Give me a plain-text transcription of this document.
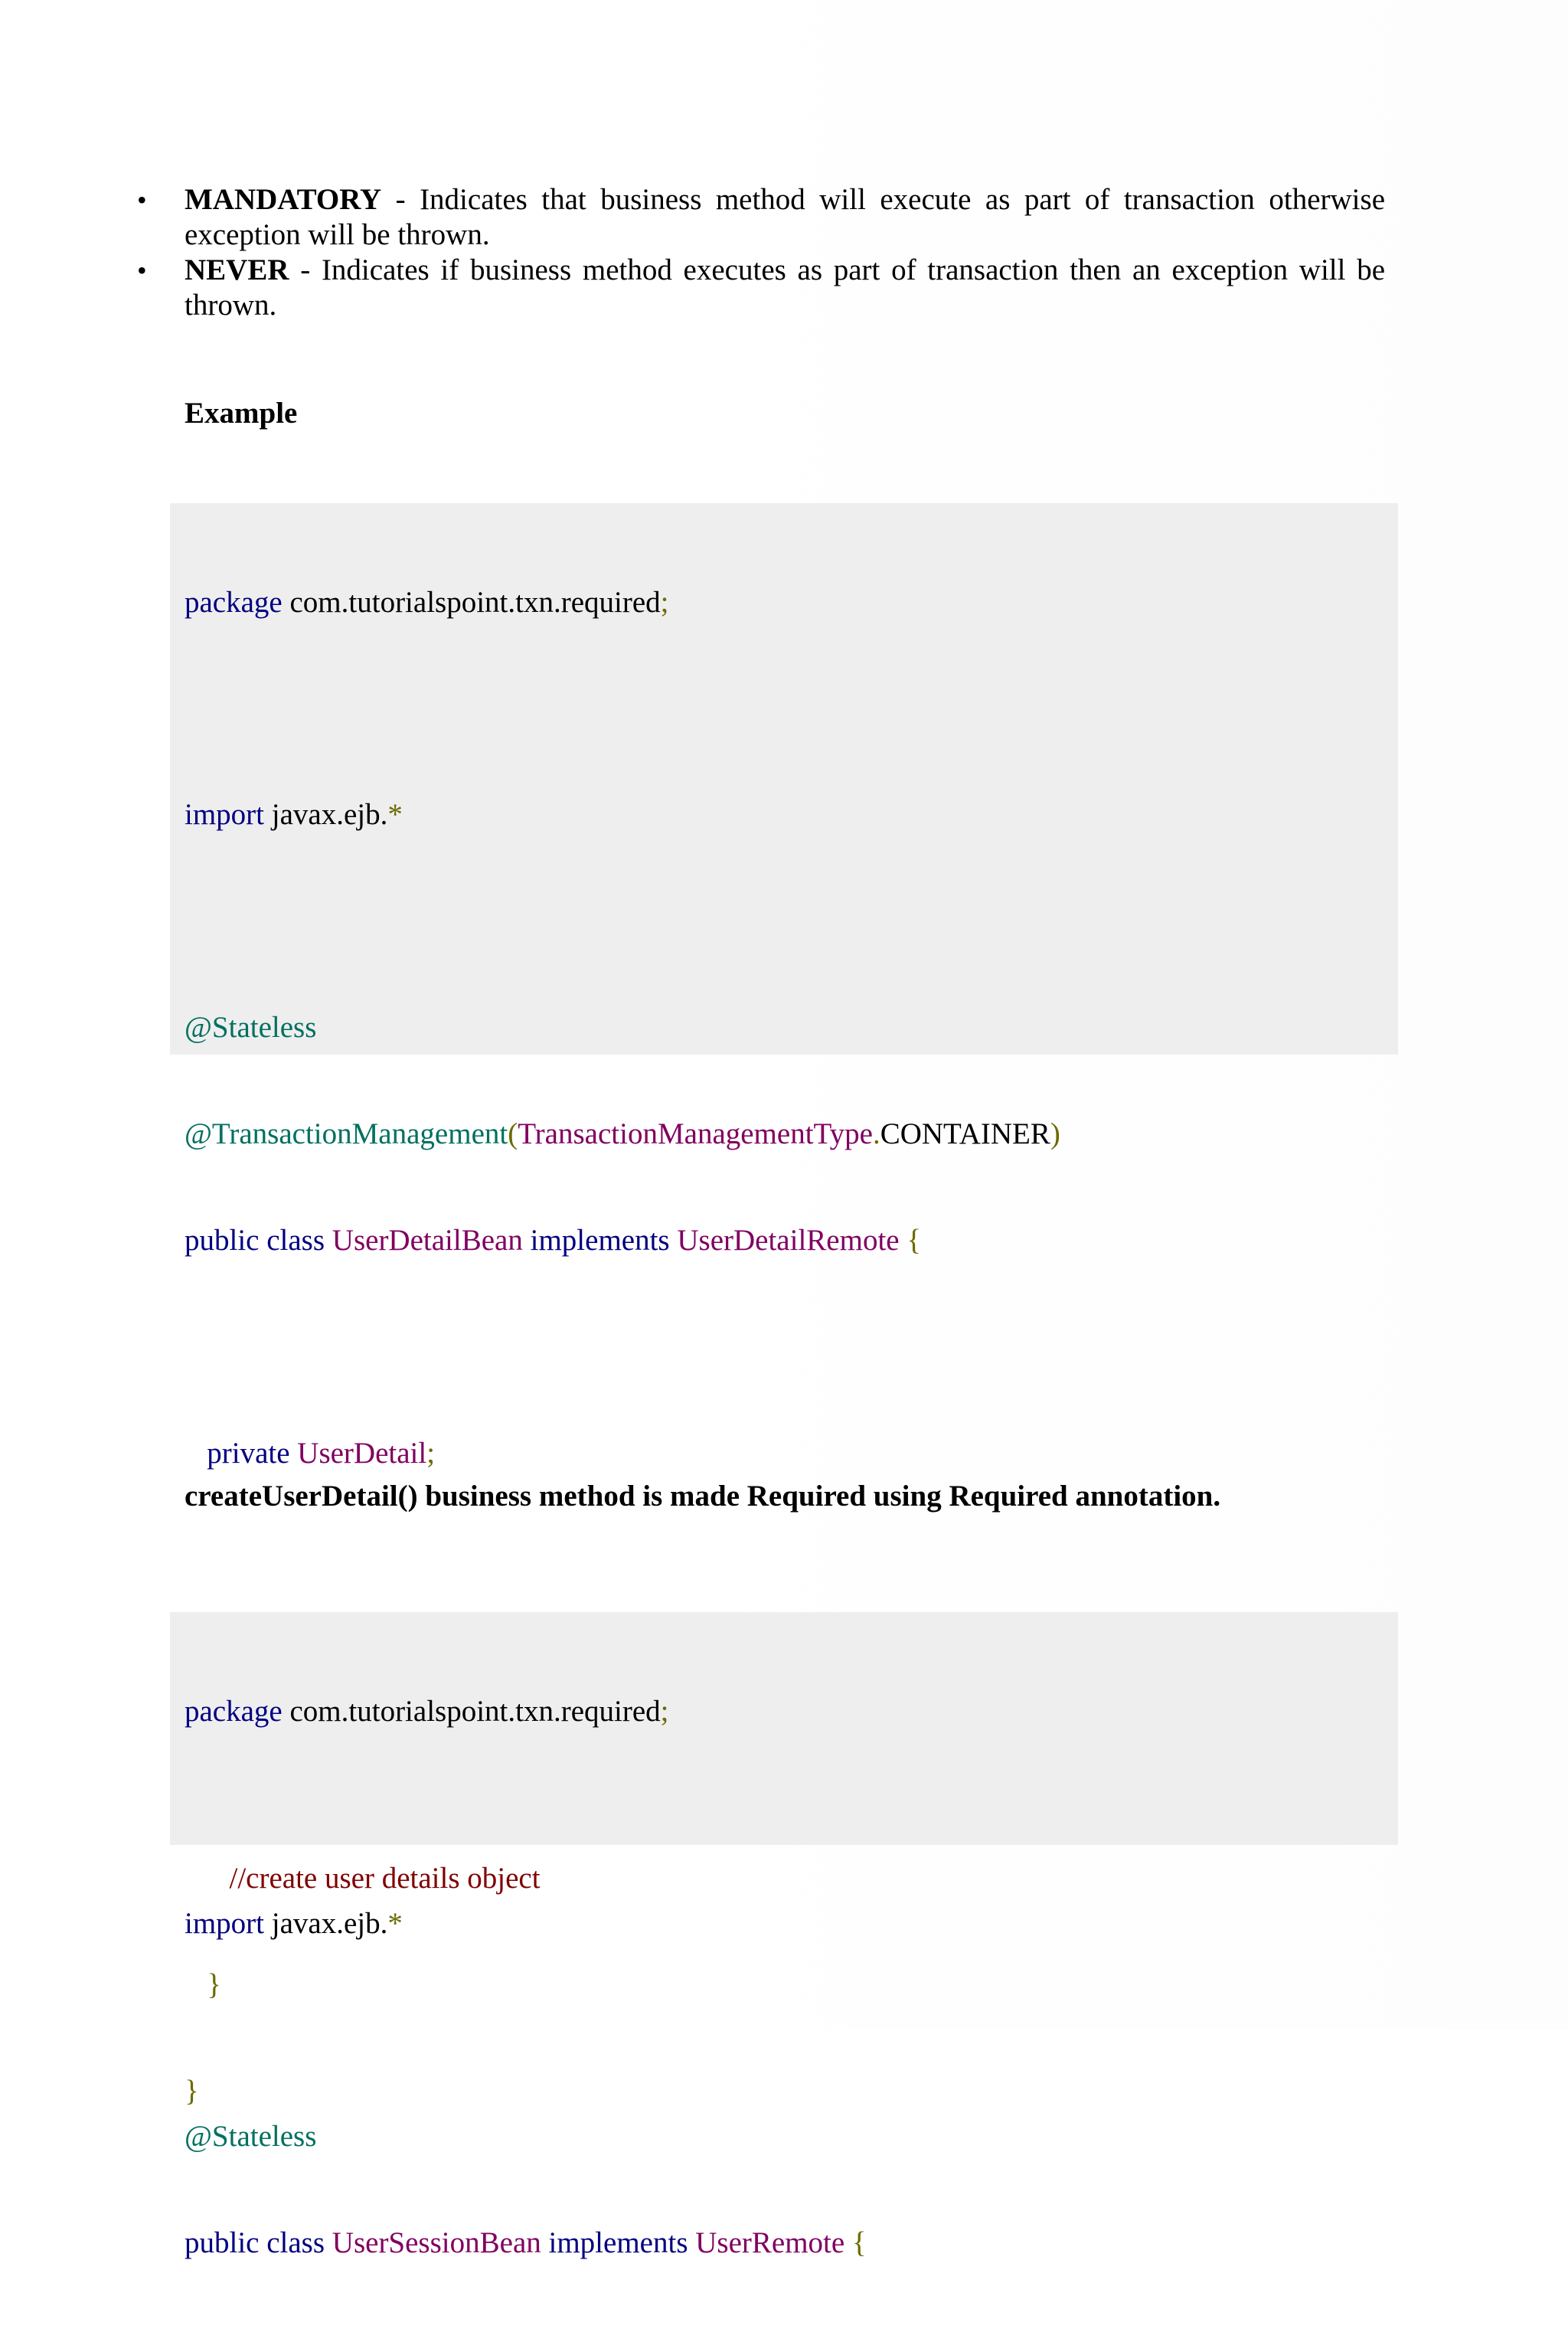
• MANDATORY - Indicates that business method will execute as part of transaction otherwise exception will be thrown.
• NEVER - Indicates if business method executes as part of transaction then an exception will be thrown.
Example

package com.tutorialspoint.txn.required;

import javax.ejb.*

@Stateless

@TransactionManagement(TransactionManagementType.CONTAINER)

public class UserDetailBean implements UserDetailRemote {

private UserDetail;

//create user details object

}

}

createUserDetail() business method is made Required using Required annotation.

package com.tutorialspoint.txn.required;

import javax.ejb.*

@Stateless

public class UserSessionBean implements UserRemote {
